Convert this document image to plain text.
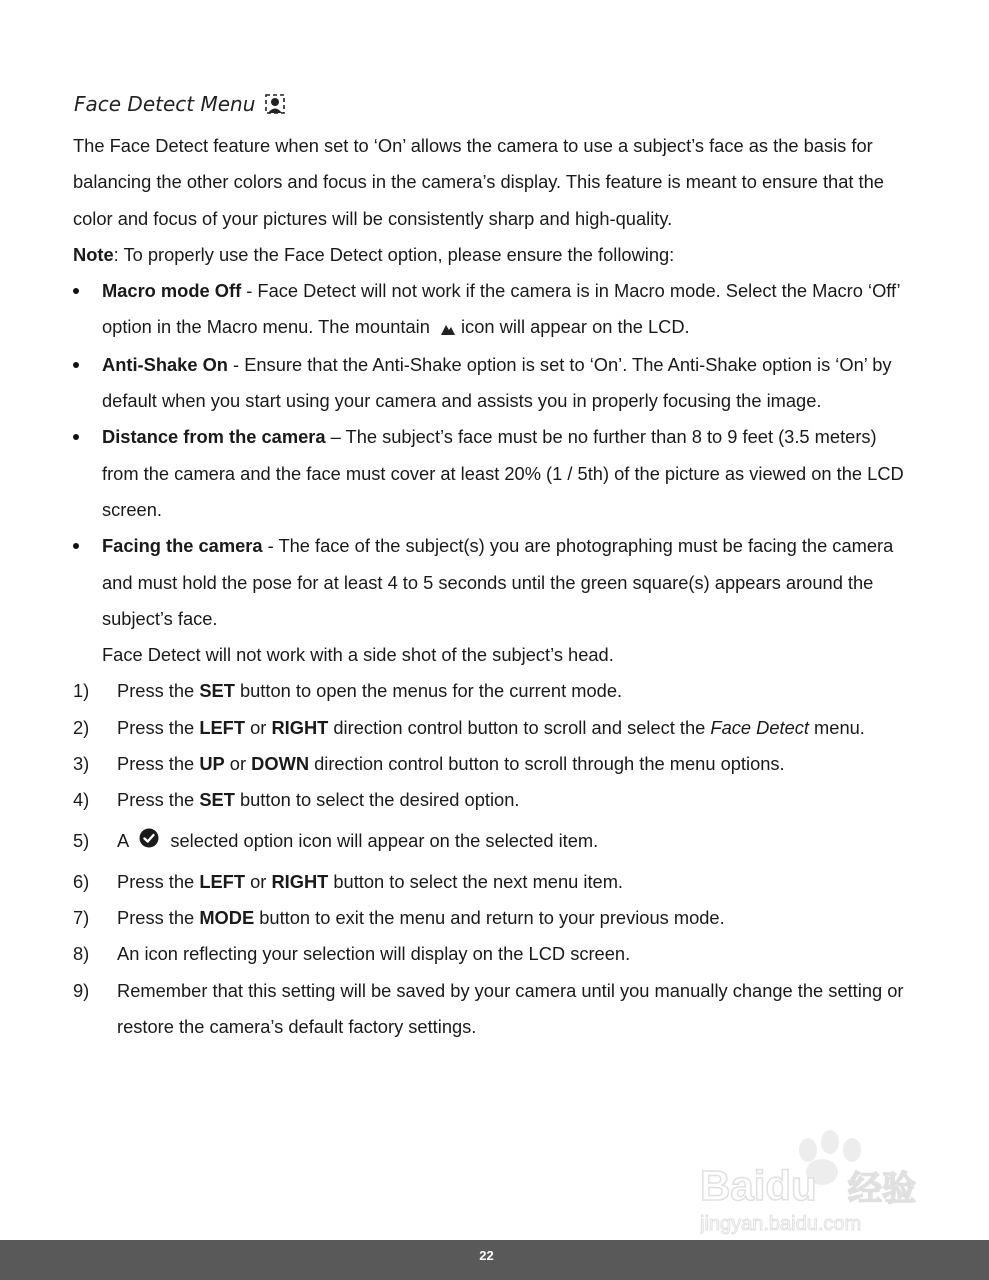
Face Detect Menu

The Face Detect feature when set to ‘On’ allows the camera to use a subject’s face as the basis for balancing the other colors and focus in the camera’s display. This feature is meant to ensure that the color and focus of your pictures will be consistently sharp and high-quality.

Note: To properly use the Face Detect option, please ensure the following:

Macro mode Off - Face Detect will not work if the camera is in Macro mode. Select the Macro ‘Off’ option in the Macro menu. The mountain icon will appear on the LCD.
Anti-Shake On - Ensure that the Anti-Shake option is set to ‘On’. The Anti-Shake option is ‘On’ by default when you start using your camera and assists you in properly focusing the image.
Distance from the camera – The subject’s face must be no further than 8 to 9 feet (3.5 meters) from the camera and the face must cover at least 20% (1 / 5th) of the picture as viewed on the LCD screen.
Facing the camera - The face of the subject(s) you are photographing must be facing the camera and must hold the pose for at least 4 to 5 seconds until the green square(s) appears around the subject’s face.

Face Detect will not work with a side shot of the subject’s head.

1) Press the SET button to open the menus for the current mode.
2) Press the LEFT or RIGHT direction control button to scroll and select the Face Detect menu.
3) Press the UP or DOWN direction control button to scroll through the menu options.
4) Press the SET button to select the desired option.
5) A selected option icon will appear on the selected item.
6) Press the LEFT or RIGHT button to select the next menu item.
7) Press the MODE button to exit the menu and return to your previous mode.
8) An icon reflecting your selection will display on the LCD screen.
9) Remember that this setting will be saved by your camera until you manually change the setting or restore the camera’s default factory settings.
Baidu 经验
jingyan.baidu.com
22
